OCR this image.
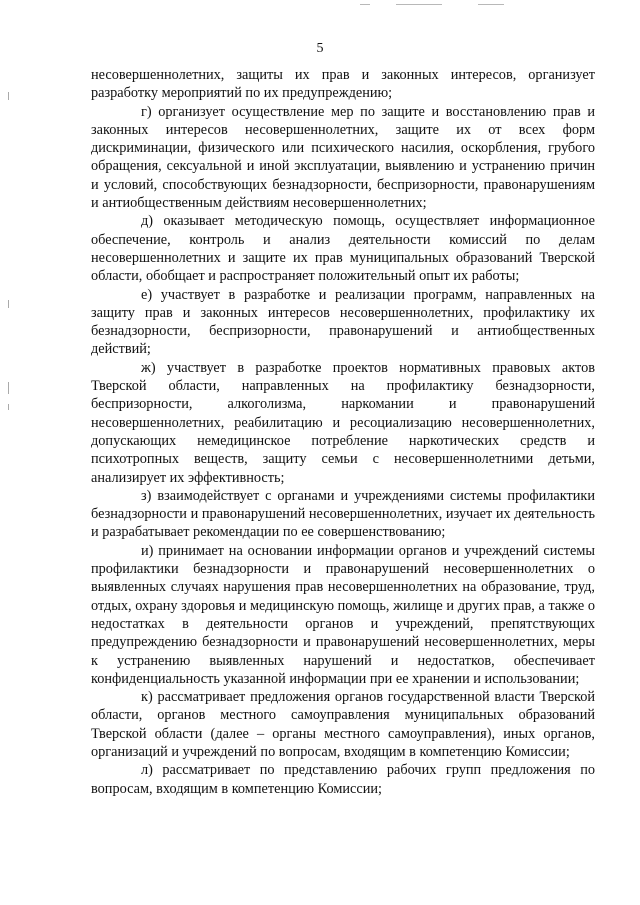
5

несовершеннолетних, защиты их прав и законных интересов, организует разработку мероприятий по их предупреждению;

г) организует осуществление мер по защите и восстановлению прав и законных интересов несовершеннолетних, защите их от всех форм дискриминации, физического или психического насилия, оскорбления, грубого обращения, сексуальной и иной эксплуатации, выявлению и устранению причин и условий, способствующих безнадзорности, беспризорности, правонарушениям и антиобщественным действиям несовершеннолетних;

д) оказывает методическую помощь, осуществляет информационное обеспечение, контроль и анализ деятельности комиссий по делам несовершеннолетних и защите их прав муниципальных образований Тверской области, обобщает и распространяет положительный опыт их работы;

е) участвует в разработке и реализации программ, направленных на защиту прав и законных интересов несовершеннолетних, профилактику их безнадзорности, беспризорности, правонарушений и антиобщественных действий;

ж) участвует в разработке проектов нормативных правовых актов Тверской области, направленных на профилактику безнадзорности, беспризорности, алкоголизма, наркомании и правонарушений несовершеннолетних, реабилитацию и ресоциализацию несовершеннолетних, допускающих немедицинское потребление наркотических средств и психотропных веществ, защиту семьи с несовершеннолетними детьми, анализирует их эффективность;

з) взаимодействует с органами и учреждениями системы профилактики безнадзорности и правонарушений несовершеннолетних, изучает их деятельность и разрабатывает рекомендации по ее совершенствованию;

и) принимает на основании информации органов и учреждений системы профилактики безнадзорности и правонарушений несовершеннолетних о выявленных случаях нарушения прав несовершеннолетних на образование, труд, отдых, охрану здоровья и медицинскую помощь, жилище и других прав, а также о недостатках в деятельности органов и учреждений, препятствующих предупреждению безнадзорности и правонарушений несовершеннолетних, меры к устранению выявленных нарушений и недостатков, обеспечивает конфиденциальность указанной информации при ее хранении и использовании;

к) рассматривает предложения органов государственной власти Тверской области, органов местного самоуправления муниципальных образований Тверской области (далее – органы местного самоуправления), иных органов, организаций и учреждений по вопросам, входящим в компетенцию Комиссии;

л) рассматривает по представлению рабочих групп предложения по вопросам, входящим в компетенцию Комиссии;
